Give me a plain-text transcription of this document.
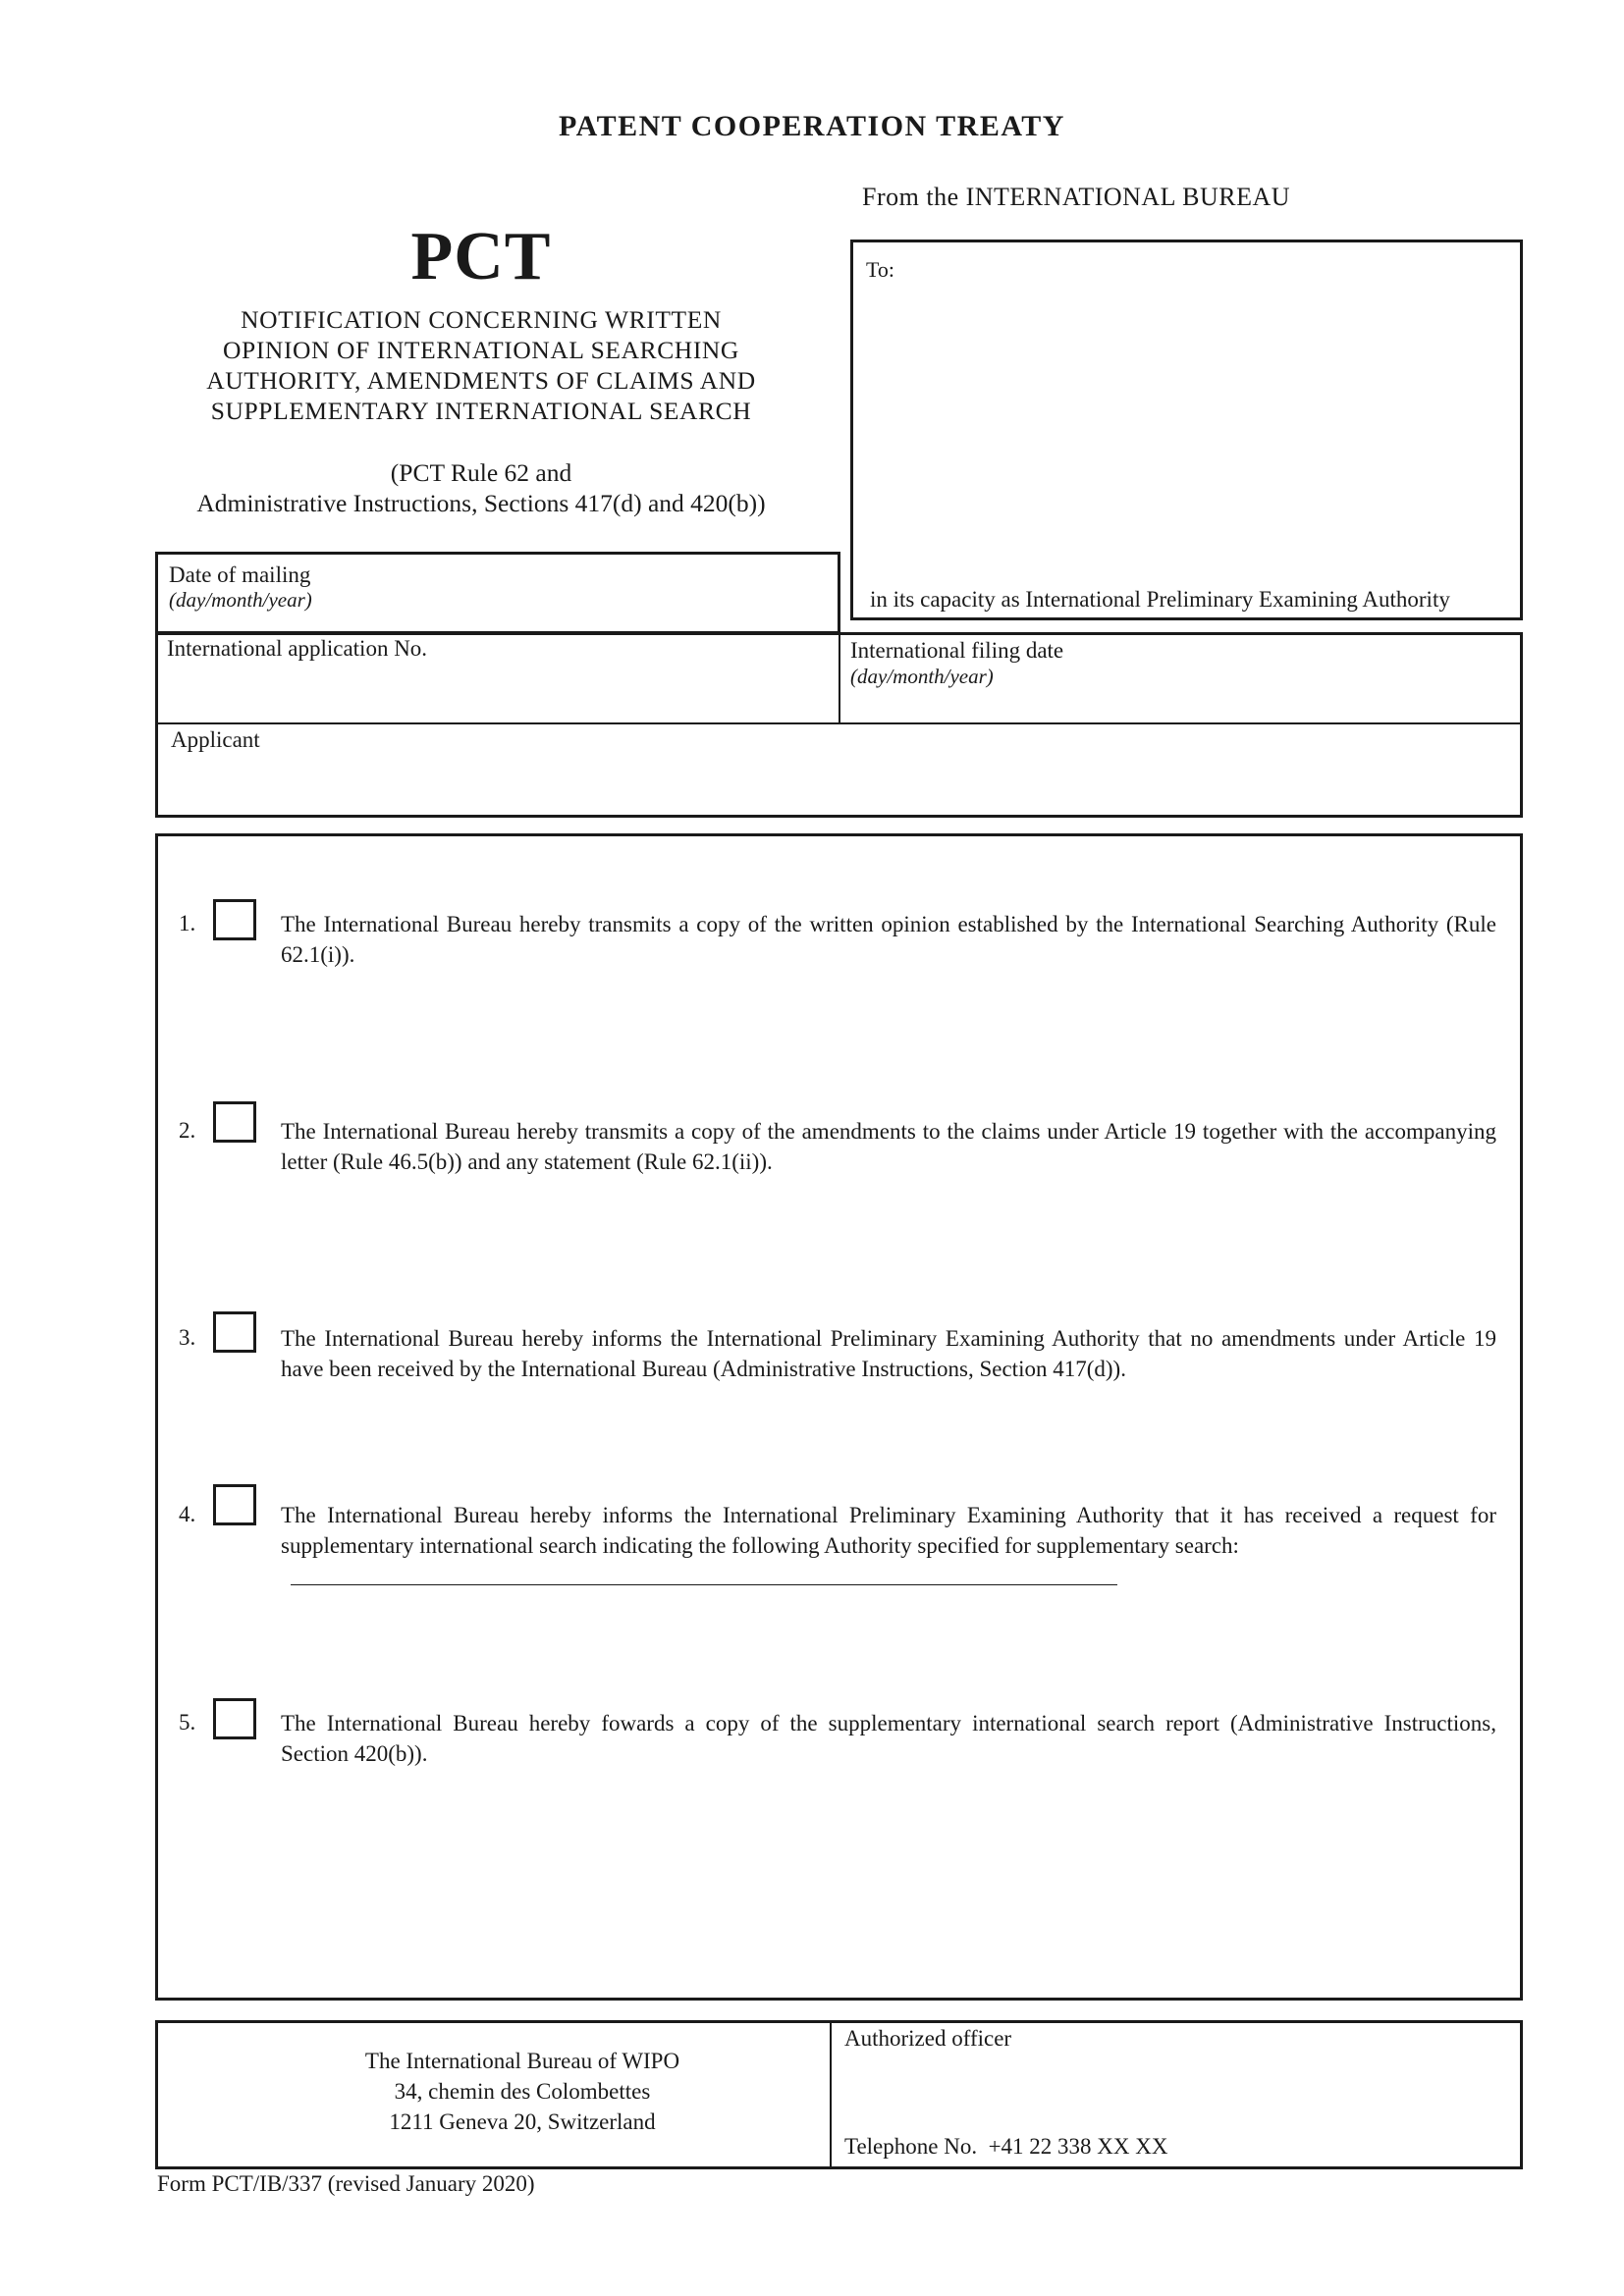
PATENT COOPERATION TREATY
From the INTERNATIONAL BUREAU
PCT
NOTIFICATION CONCERNING WRITTEN
OPINION OF INTERNATIONAL SEARCHING
AUTHORITY, AMENDMENTS OF CLAIMS AND
SUPPLEMENTARY INTERNATIONAL SEARCH
(PCT Rule 62 and
Administrative Instructions, Sections 417(d) and 420(b))
To:
in its capacity as International Preliminary Examining Authority
Date of mailing
(day/month/year)
International application No.	International filing date
(day/month/year)
Applicant
1.	The International Bureau hereby transmits a copy of the written opinion established by the International Searching Authority (Rule 62.1(i)).
2.	The International Bureau hereby transmits a copy of the amendments to the claims under Article 19 together with the accompanying letter (Rule 46.5(b)) and any statement (Rule 62.1(ii)).
3.	The International Bureau hereby informs the International Preliminary Examining Authority that no amendments under Article 19 have been received by the International Bureau (Administrative Instructions, Section 417(d)).
4.	The International Bureau hereby informs the International Preliminary Examining Authority that it has received a request for supplementary international search indicating the following Authority specified for supplementary search:
5.	The International Bureau hereby fowards a copy of the supplementary international search report (Administrative Instructions, Section 420(b)).
The International Bureau of WIPO
34, chemin des Colombettes
1211 Geneva 20, Switzerland
Authorized officer
Telephone No.  +41 22 338 XX XX
Form PCT/IB/337 (revised January 2020)
